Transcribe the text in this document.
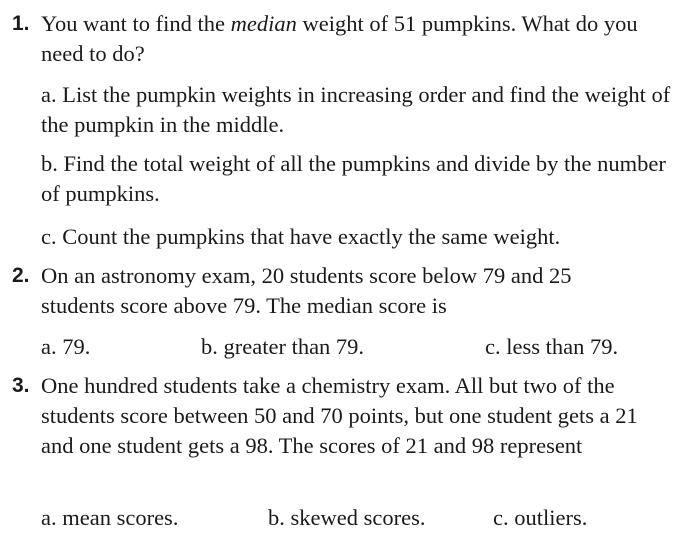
1. You want to find the median weight of 51 pumpkins. What do you need to do?
a. List the pumpkin weights in increasing order and find the weight of the pumpkin in the middle.
b. Find the total weight of all the pumpkins and divide by the number of pumpkins.
c. Count the pumpkins that have exactly the same weight.
2. On an astronomy exam, 20 students score below 79 and 25 students score above 79. The median score is
a. 79.	b. greater than 79.	c. less than 79.
3. One hundred students take a chemistry exam. All but two of the students score between 50 and 70 points, but one student gets a 21 and one student gets a 98. The scores of 21 and 98 represent
a. mean scores.	b. skewed scores.	c. outliers.
